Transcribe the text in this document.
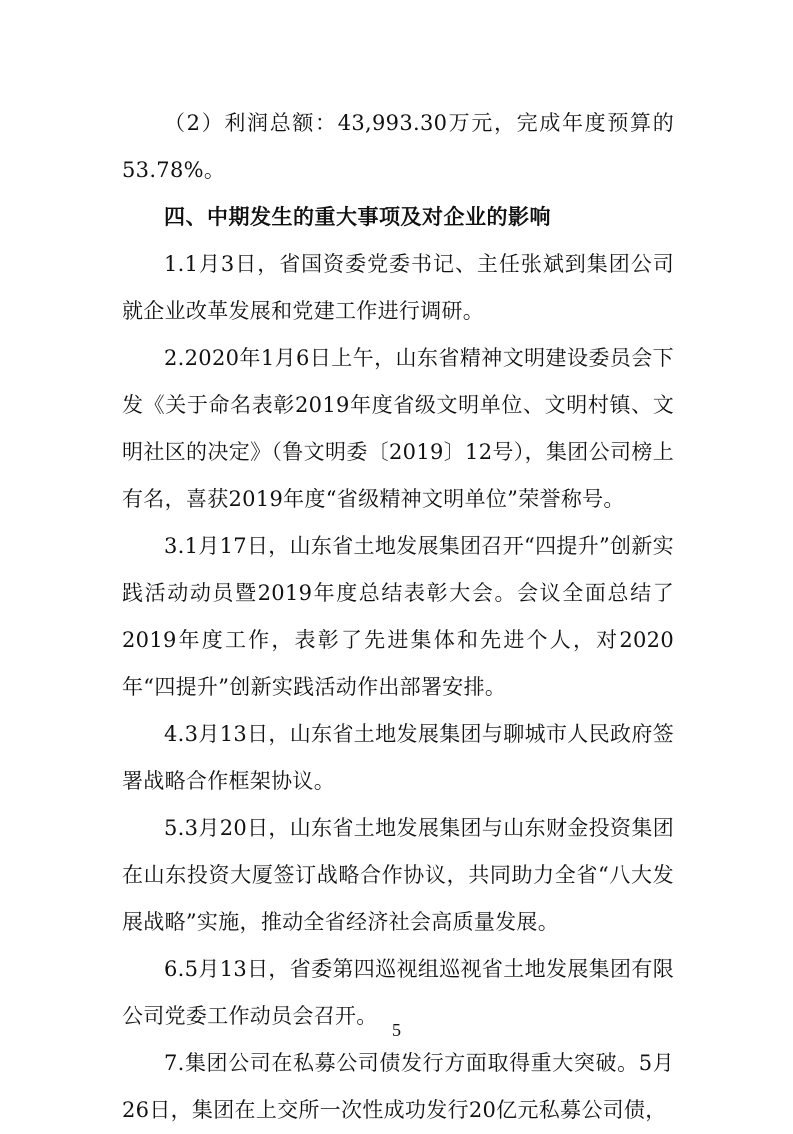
（2）利润总额：43,993.30万元，完成年度预算的53.78%。

四、中期发生的重大事项及对企业的影响

1.1月3日，省国资委党委书记、主任张斌到集团公司就企业改革发展和党建工作进行调研。

2.2020年1月6日上午，山东省精神文明建设委员会下发《关于命名表彰2019年度省级文明单位、文明村镇、文明社区的决定》（鲁文明委〔2019〕12号），集团公司榜上有名，喜获2019年度“省级精神文明单位”荣誉称号。

3.1月17日，山东省土地发展集团召开“四提升”创新实践活动动员暨2019年度总结表彰大会。会议全面总结了2019年度工作，表彰了先进集体和先进个人，对2020年“四提升”创新实践活动作出部署安排。

4.3月13日，山东省土地发展集团与聊城市人民政府签署战略合作框架协议。

5.3月20日，山东省土地发展集团与山东财金投资集团在山东投资大厦签订战略合作协议，共同助力全省“八大发展战略”实施，推动全省经济社会高质量发展。

6.5月13日，省委第四巡视组巡视省土地发展集团有限公司党委工作动员会召开。

7.集团公司在私募公司债发行方面取得重大突破。5月26日，集团在上交所一次性成功发行20亿元私募公司债，

5
